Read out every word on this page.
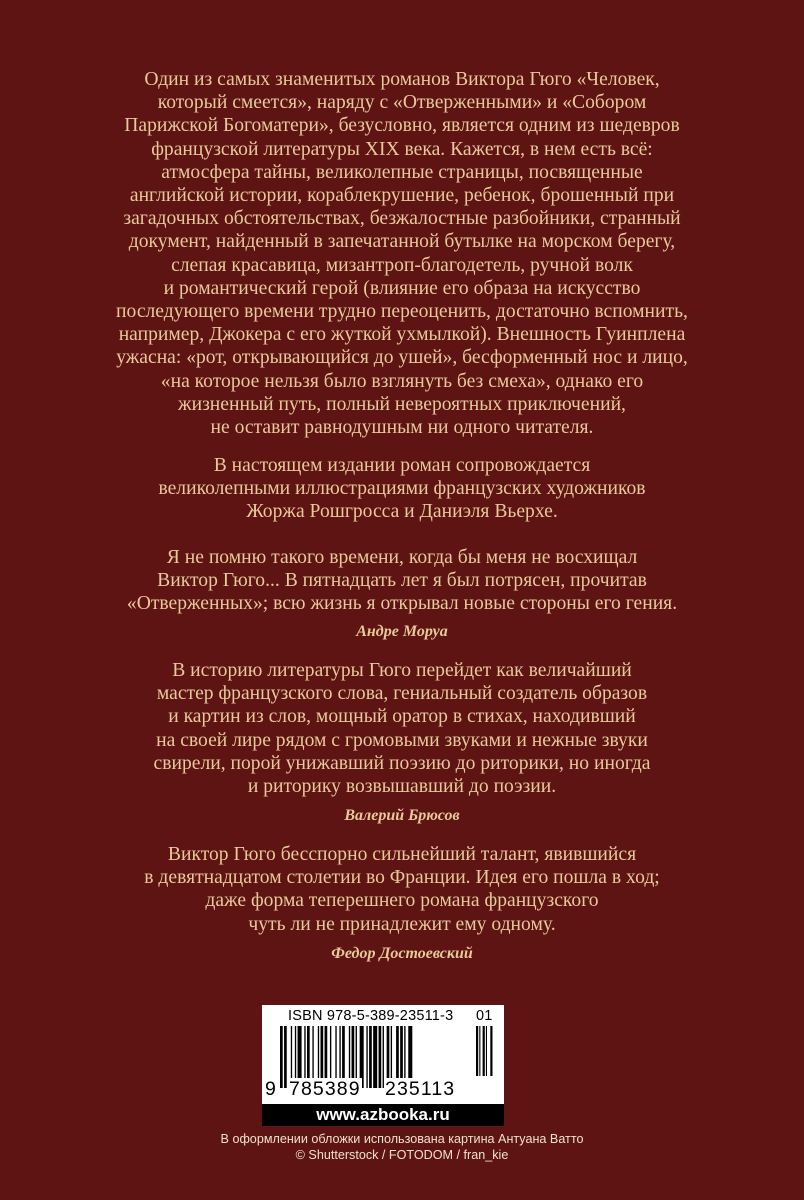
Один из самых знаменитых романов Виктора Гюго «Человек,
который смеется», наряду с «Отверженными» и «Собором
Парижской Богоматери», безусловно, является одним из шедевров
французской литературы XIX века. Кажется, в нем есть всё:
атмосфера тайны, великолепные страницы, посвященные
английской истории, кораблекрушение, ребенок, брошенный при
загадочных обстоятельствах, безжалостные разбойники, странный
документ, найденный в запечатанной бутылке на морском берегу,
слепая красавица, мизантроп-благодетель, ручной волк
и романтический герой (влияние его образа на искусство
последующего времени трудно переоценить, достаточно вспомнить,
например, Джокера с его жуткой ухмылкой). Внешность Гуинплена
ужасна: «рот, открывающийся до ушей», бесформенный нос и лицо,
«на которое нельзя было взглянуть без смеха», однако его
жизненный путь, полный невероятных приключений,
не оставит равнодушным ни одного читателя.
В настоящем издании роман сопровождается
великолепными иллюстрациями французских художников
Жоржа Рошгросса и Даниэля Вьерхе.
Я не помню такого времени, когда бы меня не восхищал
Виктор Гюго... В пятнадцать лет я был потрясен, прочитав
«Отверженных»; всю жизнь я открывал новые стороны его гения.
Андре Моруа
В историю литературы Гюго перейдет как величайший
мастер французского слова, гениальный создатель образов
и картин из слов, мощный оратор в стихах, находивший
на своей лире рядом с громовыми звуками и нежные звуки
свирели, порой унижавший поэзию до риторики, но иногда
и риторику возвышавший до поэзии.
Валерий Брюсов
Виктор Гюго бесспорно сильнейший талант, явившийся
в девятнадцатом столетии во Франции. Идея его пошла в ход;
даже форма теперешнего романа французского
чуть ли не принадлежит ему одному.
Федор Достоевский
ISBN 978-5-389-23511-3 01
9 785389 235113
www.azbooka.ru
В оформлении обложки использована картина Антуана Ватто
© Shutterstock / FOTODOM / fran_kie
